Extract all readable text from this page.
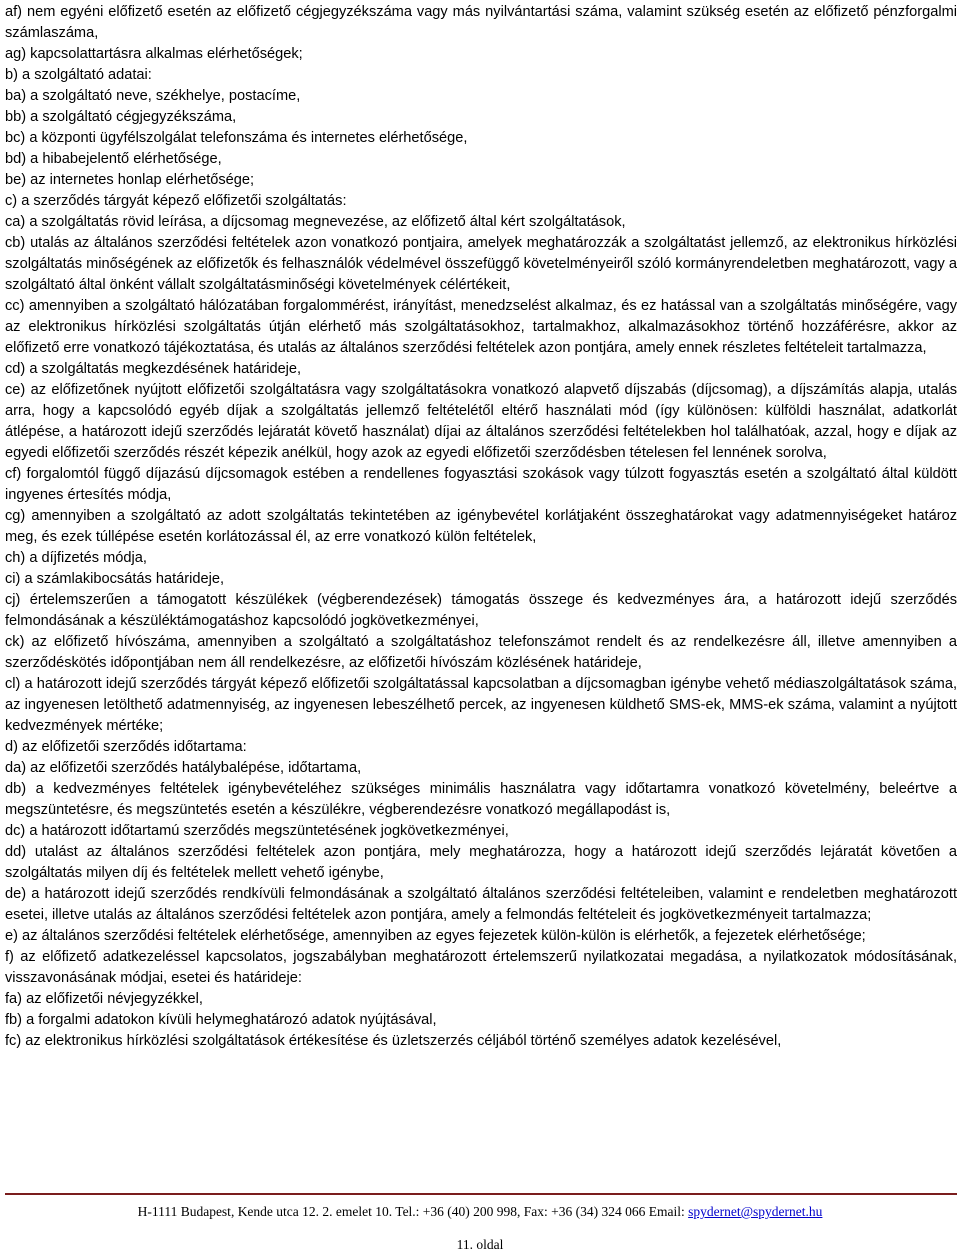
af) nem egyéni előfizető esetén az előfizető cégjegyzékszáma vagy más nyilvántartási száma, valamint szükség esetén az előfizető pénzforgalmi számlaszáma,

ag) kapcsolattartásra alkalmas elérhetőségek;

b) a szolgáltató adatai:

ba) a szolgáltató neve, székhelye, postacíme,

bb) a szolgáltató cégjegyzékszáma,

bc) a központi ügyfélszolgálat telefonszáma és internetes elérhetősége,

bd) a hibabejelentő elérhetősége,

be) az internetes honlap elérhetősége;

c) a szerződés tárgyát képező előfizetői szolgáltatás:

ca) a szolgáltatás rövid leírása, a díjcsomag megnevezése, az előfizető által kért szolgáltatások,

cb) utalás az általános szerződési feltételek azon vonatkozó pontjaira, amelyek meghatározzák a szolgáltatást jellemző, az elektronikus hírközlési szolgáltatás minőségének az előfizetők és felhasználók védelmével összefüggő követelményeiről szóló kormányrendeletben meghatározott, vagy a szolgáltató által önként vállalt szolgáltatásminőségi követelmények célértékeit,

cc) amennyiben a szolgáltató hálózatában forgalommérést, irányítást, menedzselést alkalmaz, és ez hatással van a szolgáltatás minőségére, vagy az elektronikus hírközlési szolgáltatás útján elérhető más szolgáltatásokhoz, tartalmakhoz, alkalmazásokhoz történő hozzáférésre, akkor az előfizető erre vonatkozó tájékoztatása, és utalás az általános szerződési feltételek azon pontjára, amely ennek részletes feltételeit tartalmazza,

cd) a szolgáltatás megkezdésének határideje,

ce) az előfizetőnek nyújtott előfizetői szolgáltatásra vagy szolgáltatásokra vonatkozó alapvető díjszabás (díjcsomag), a díjszámítás alapja, utalás arra, hogy a kapcsolódó egyéb díjak a szolgáltatás jellemző feltételétől eltérő használati mód (így különösen: külföldi használat, adatkorlát átlépése, a határozott idejű szerződés lejáratát követő használat) díjai az általános szerződési feltételekben hol találhatóak, azzal, hogy e díjak az egyedi előfizetői szerződés részét képezik anélkül, hogy azok az egyedi előfizetői szerződésben tételesen fel lennének sorolva,

cf) forgalomtól függő díjazású díjcsomagok estében a rendellenes fogyasztási szokások vagy túlzott fogyasztás esetén a szolgáltató által küldött ingyenes értesítés módja,

cg) amennyiben a szolgáltató az adott szolgáltatás tekintetében az igénybevétel korlátjaként összeghatárokat vagy adatmennyiségeket határoz meg, és ezek túllépése esetén korlátozással él, az erre vonatkozó külön feltételek,

ch) a díjfizetés módja,

ci) a számlakibocsátás határideje,

cj) értelemszerűen a támogatott készülékek (végberendezések) támogatás összege és kedvezményes ára, a határozott idejű szerződés felmondásának a készüléktámogatáshoz kapcsolódó jogkövetkezményei,

ck) az előfizető hívószáma, amennyiben a szolgáltató a szolgáltatáshoz telefonszámot rendelt és az rendelkezésre áll, illetve amennyiben a szerződéskötés időpontjában nem áll rendelkezésre, az előfizetői hívószám közlésének határideje,

cl) a határozott idejű szerződés tárgyát képező előfizetői szolgáltatással kapcsolatban a díjcsomagban igénybe vehető médiaszolgáltatások száma, az ingyenesen letölthető adatmennyiség, az ingyenesen lebeszélhető percek, az ingyenesen küldhető SMS-ek, MMS-ek száma, valamint a nyújtott kedvezmények mértéke;

d) az előfizetői szerződés időtartama:

da) az előfizetői szerződés hatálybalépése, időtartama,

db) a kedvezményes feltételek igénybevételéhez szükséges minimális használatra vagy időtartamra vonatkozó követelmény, beleértve a megszüntetésre, és megszüntetés esetén a készülékre, végberendezésre vonatkozó megállapodást is,

dc) a határozott időtartamú szerződés megszüntetésének jogkövetkezményei,

dd) utalást az általános szerződési feltételek azon pontjára, mely meghatározza, hogy a határozott idejű szerződés lejáratát követően a szolgáltatás milyen díj és feltételek mellett vehető igénybe,

de) a határozott idejű szerződés rendkívüli felmondásának a szolgáltató általános szerződési feltételeiben, valamint e rendeletben meghatározott esetei, illetve utalás az általános szerződési feltételek azon pontjára, amely a felmondás feltételeit és jogkövetkezményeit tartalmazza;

e) az általános szerződési feltételek elérhetősége, amennyiben az egyes fejezetek külön-külön is elérhetők, a fejezetek elérhetősége;

f) az előfizető adatkezeléssel kapcsolatos, jogszabályban meghatározott értelemszerű nyilatkozatai megadása, a nyilatkozatok módosításának, visszavonásának módjai, esetei és határideje:

fa) az előfizetői névjegyzékkel,

fb) a forgalmi adatokon kívüli helymeghatározó adatok nyújtásával,

fc) az elektronikus hírközlési szolgáltatások értékesítése és üzletszerzés céljából történő személyes adatok kezelésével,

H-1111 Budapest, Kende utca 12. 2. emelet 10. Tel.: +36 (40) 200 998, Fax: +36 (34) 324 066 Email: spydernet@spydernet.hu
11. oldal
